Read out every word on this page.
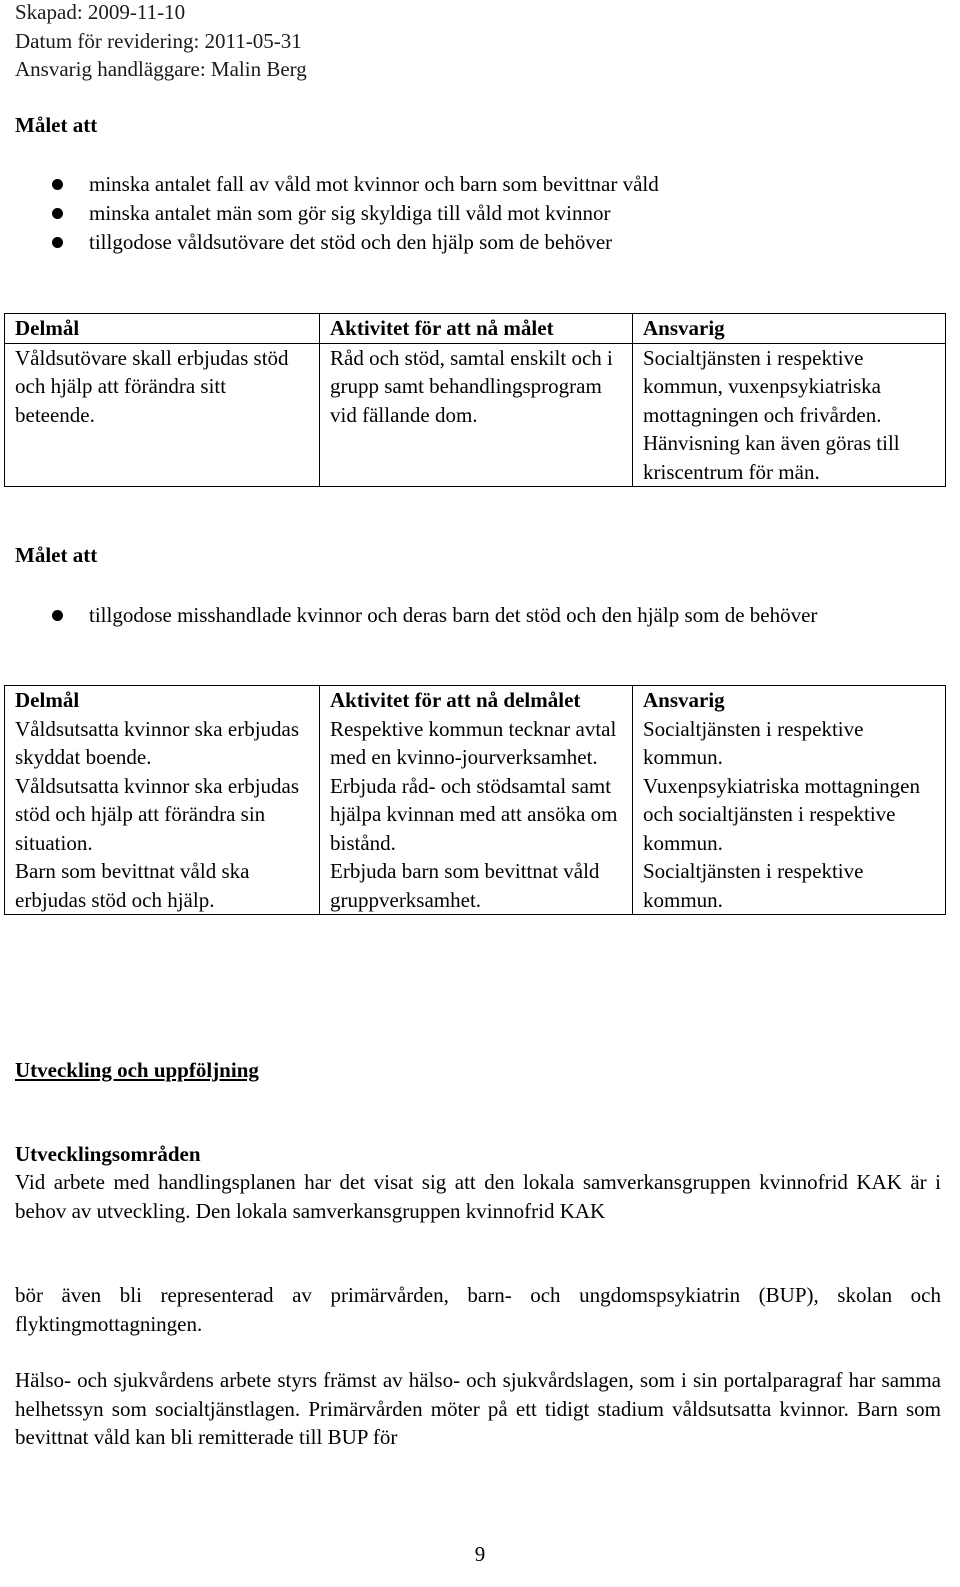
Skapad: 2009-11-10
Datum för revidering: 2011-05-31
Ansvarig handläggare: Malin Berg
Målet att
minska antalet fall av våld mot kvinnor och barn som bevittnar våld
minska antalet män som gör sig skyldiga till våld mot kvinnor
tillgodose våldsutövare det stöd och den hjälp som de behöver
Delmål	Aktivitet för att nå målet	Ansvarig
Våldsutövare skall erbjudas stöd och hjälp att förändra sitt beteende.	Råd och stöd, samtal enskilt och i grupp samt behandlingsprogram vid fällande dom.	Socialtjänsten i respektive kommun, vuxenpsykiatriska mottagningen och frivården. Hänvisning kan även göras till kriscentrum för män.
Målet att
tillgodose misshandlade kvinnor och deras barn det stöd och den hjälp som de behöver
Delmål	Aktivitet för att nå delmålet	Ansvarig
Våldsutsatta kvinnor ska erbjudas skyddat boende.	Respektive kommun tecknar avtal med en kvinno-jourverksamhet.	Socialtjänsten i respektive kommun.
Våldsutsatta kvinnor ska erbjudas stöd och hjälp att förändra sin situation.	Erbjuda råd- och stödsamtal samt hjälpa kvinnan med att ansöka om bistånd.	Vuxenpsykiatriska mottagningen och socialtjänsten i respektive kommun.
Barn som bevittnat våld ska erbjudas stöd och hjälp.	Erbjuda barn som bevittnat våld gruppverksamhet.	Socialtjänsten i respektive kommun.
Utveckling och uppföljning
Utvecklingsområden
Vid arbete med handlingsplanen har det visat sig att den lokala samverkansgruppen kvinnofrid KAK är i behov av utveckling. Den lokala samverkansgruppen kvinnofrid KAK
bör även bli representerad av primärvården, barn- och ungdomspsykiatrin (BUP), skolan och flyktingmottagningen.
Hälso- och sjukvårdens arbete styrs främst av hälso- och sjukvårdslagen, som i sin portalparagraf har samma helhetssyn som socialtjänstlagen. Primärvården möter på ett tidigt stadium våldsutsatta kvinnor. Barn som bevittnat våld kan bli remitterade till BUP för
9
